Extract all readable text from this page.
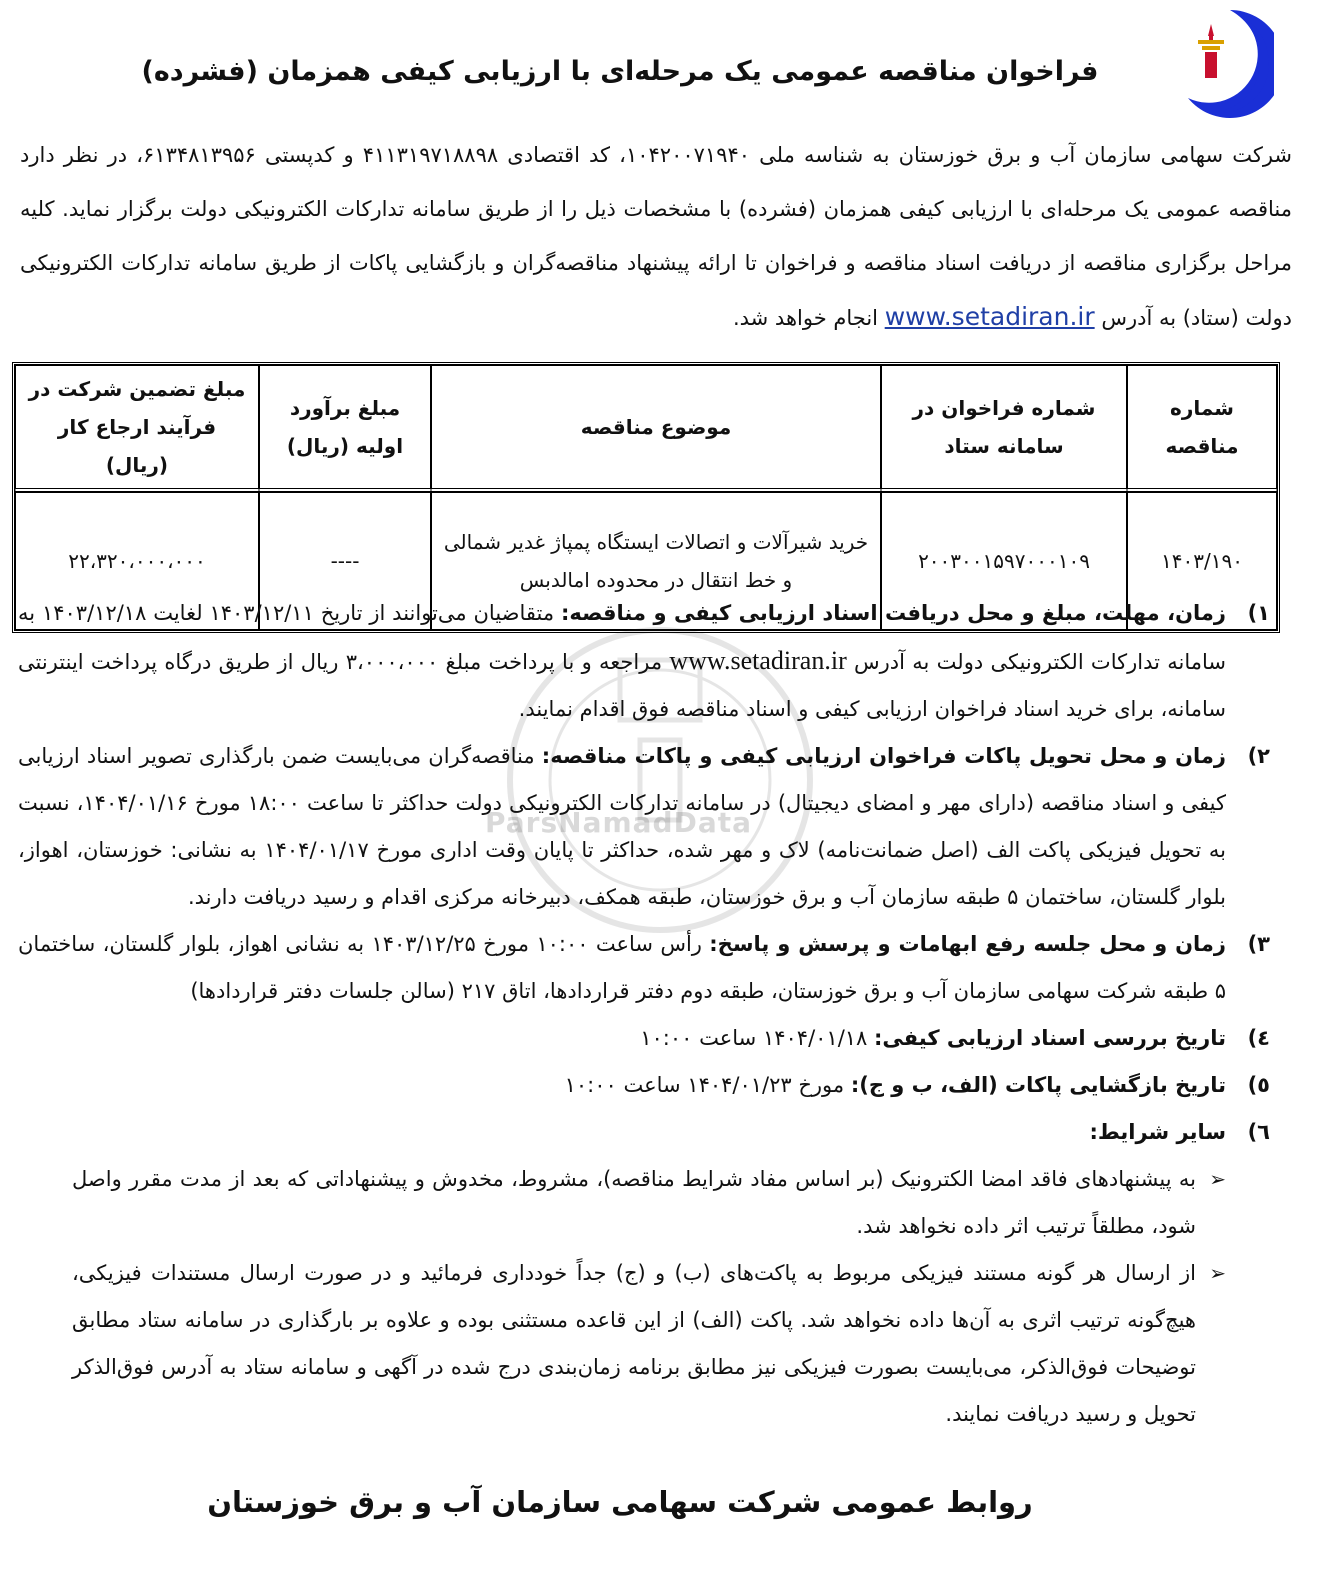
فراخوان مناقصه عمومی یک مرحله‌ای با ارزیابی کیفی همزمان (فشرده)
شرکت سهامی سازمان آب و برق خوزستان به شناسه ملی ۱۰۴۲۰۰۷۱۹۴۰، کد اقتصادی ۴۱۱۳۱۹۷۱۸۸۹۸ و کدپستی ۶۱۳۴۸۱۳۹۵۶، در نظر دارد مناقصه عمومی یک مرحله‌ای با ارزیابی کیفی همزمان (فشرده) با مشخصات ذیل را از طریق سامانه تدارکات الکترونیکی دولت برگزار نماید. کلیه مراحل برگزاری مناقصه از دریافت اسناد مناقصه و فراخوان تا ارائه پیشنهاد مناقصه‌گران و بازگشایی پاکات از طریق سامانه تدارکات الکترونیکی دولت (ستاد) به آدرس www.setadiran.ir انجام خواهد شد.
شماره مناقصه	شماره فراخوان در سامانه ستاد	موضوع مناقصه	مبلغ برآورد اولیه (ریال)	مبلغ تضمین شرکت در فرآیند ارجاع کار (ریال)
۱۴۰۳/۱۹۰	۲۰۰۳۰۰۱۵۹۷۰۰۰۱۰۹	خرید شیرآلات و اتصالات ایستگاه پمپاژ غدیر شمالی و خط انتقال در محدوده امالدبس	----	۲۲،۳۲۰،۰۰۰،۰۰۰
ParsNamadData
۱)
زمان، مهلت، مبلغ و محل دریافت اسناد ارزیابی کیفی و مناقصه: متقاضیان می‌توانند از تاریخ ۱۴۰۳/۱۲/۱۱ لغایت ۱۴۰۳/۱۲/۱۸ به سامانه تدارکات الکترونیکی دولت به آدرس www.setadiran.ir مراجعه و با پرداخت مبلغ ۳،۰۰۰،۰۰۰ ریال از طریق درگاه پرداخت اینترنتی سامانه، برای خرید اسناد فراخوان ارزیابی کیفی و اسناد مناقصه فوق اقدام نمایند.
۲)
زمان و محل تحویل پاکات فراخوان ارزیابی کیفی و پاکات مناقصه: مناقصه‌گران می‌بایست ضمن بارگذاری تصویر اسناد ارزیابی کیفی و اسناد مناقصه (دارای مهر و امضای دیجیتال) در سامانه تدارکات الکترونیکی دولت حداکثر تا ساعت ۱۸:۰۰ مورخ ۱۴۰۴/۰۱/۱۶، نسبت به تحویل فیزیکی پاکت الف (اصل ضمانت‌نامه) لاک و مهر شده، حداکثر تا پایان وقت اداری مورخ ۱۴۰۴/۰۱/۱۷ به نشانی: خوزستان، اهواز، بلوار گلستان، ساختمان ۵ طبقه سازمان آب و برق خوزستان، طبقه همکف، دبیرخانه مرکزی اقدام و رسید دریافت دارند.
۳)
زمان و محل جلسه رفع ابهامات و پرسش و پاسخ: رأس ساعت ۱۰:۰۰ مورخ ۱۴۰۳/۱۲/۲۵ به نشانی اهواز، بلوار گلستان، ساختمان ۵ طبقه شرکت سهامی سازمان آب و برق خوزستان، طبقه دوم دفتر قراردادها، اتاق ۲۱۷ (سالن جلسات دفتر قراردادها)
٤)
تاریخ بررسی اسناد ارزیابی کیفی: ۱۴۰۴/۰۱/۱۸ ساعت ۱۰:۰۰
٥)
تاریخ بازگشایی پاکات (الف، ب و ج): مورخ ۱۴۰۴/۰۱/۲۳ ساعت ۱۰:۰۰
٦)
سایر شرایط:
➢
به پیشنهادهای فاقد امضا الکترونیک (بر اساس مفاد شرایط مناقصه)، مشروط، مخدوش و پیشنهاداتی که بعد از مدت مقرر واصل شود، مطلقاً ترتیب اثر داده نخواهد شد.
➢
از ارسال هر گونه مستند فیزیکی مربوط به پاکت‌های (ب) و (ج) جداً خودداری فرمائید و در صورت ارسال مستندات فیزیکی، هیچ‌گونه ترتیب اثری به آن‌ها داده نخواهد شد. پاکت (الف) از این قاعده مستثنی بوده و علاوه بر بارگذاری در سامانه ستاد مطابق توضیحات فوق‌الذکر، می‌بایست بصورت فیزیکی نیز مطابق برنامه زمان‌بندی درج شده در آگهی و سامانه ستاد به آدرس فوق‌الذکر تحویل و رسید دریافت نمایند.
روابط عمومی شرکت سهامی سازمان آب و برق خوزستان
